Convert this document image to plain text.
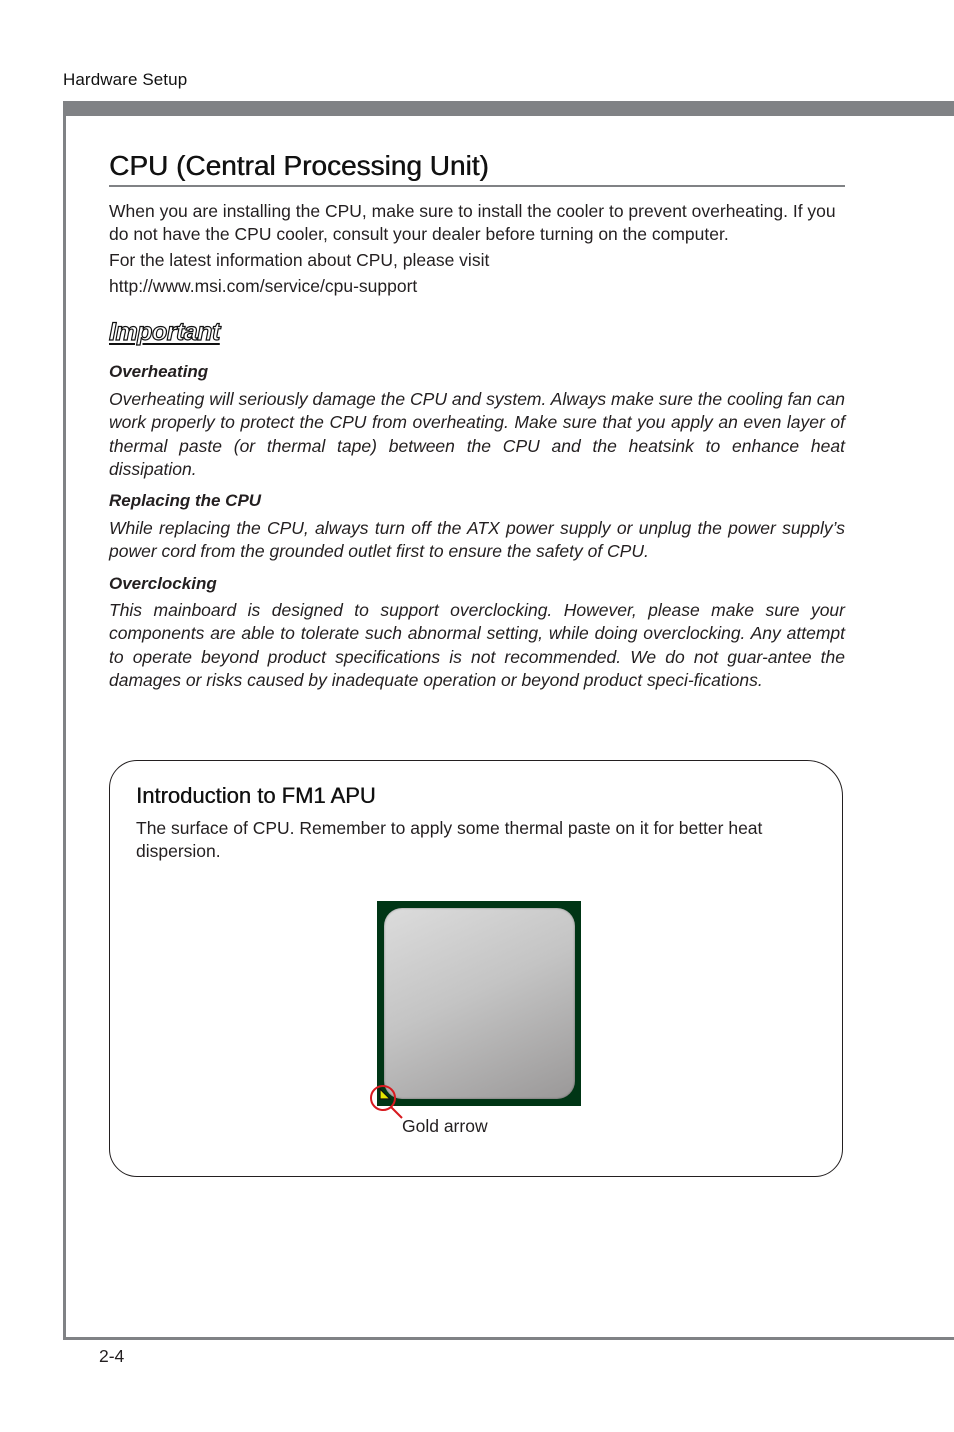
Hardware Setup
CPU (Central Processing Unit)

When you are installing the CPU, make sure to install the cooler to prevent overheating. If you do not have the CPU cooler, consult your dealer before turning on the computer.

For the latest information about CPU, please visit

http://www.msi.com/service/cpu-support

Important
Overheating

Overheating will seriously damage the CPU and system. Always make sure the cooling fan can work properly to protect the CPU from overheating. Make sure that you apply an even layer of thermal paste (or thermal tape) between the CPU and the heatsink to enhance heat dissipation.

Replacing the CPU

While replacing the CPU, always turn off the ATX power supply or unplug the power supply’s power cord from the grounded outlet first to ensure the safety of CPU.

Overclocking

This mainboard is designed to support overclocking. However, please make sure your components are able to tolerate such abnormal setting, while doing overclocking. Any attempt to operate beyond product specifications is not recommended. We do not guar-antee the damages or risks caused by inadequate operation or beyond product speci-fications.

Introduction to FM1 APU

The surface of CPU. Remember to apply some thermal paste on it for better heat dispersion.

Gold arrow
2-4
